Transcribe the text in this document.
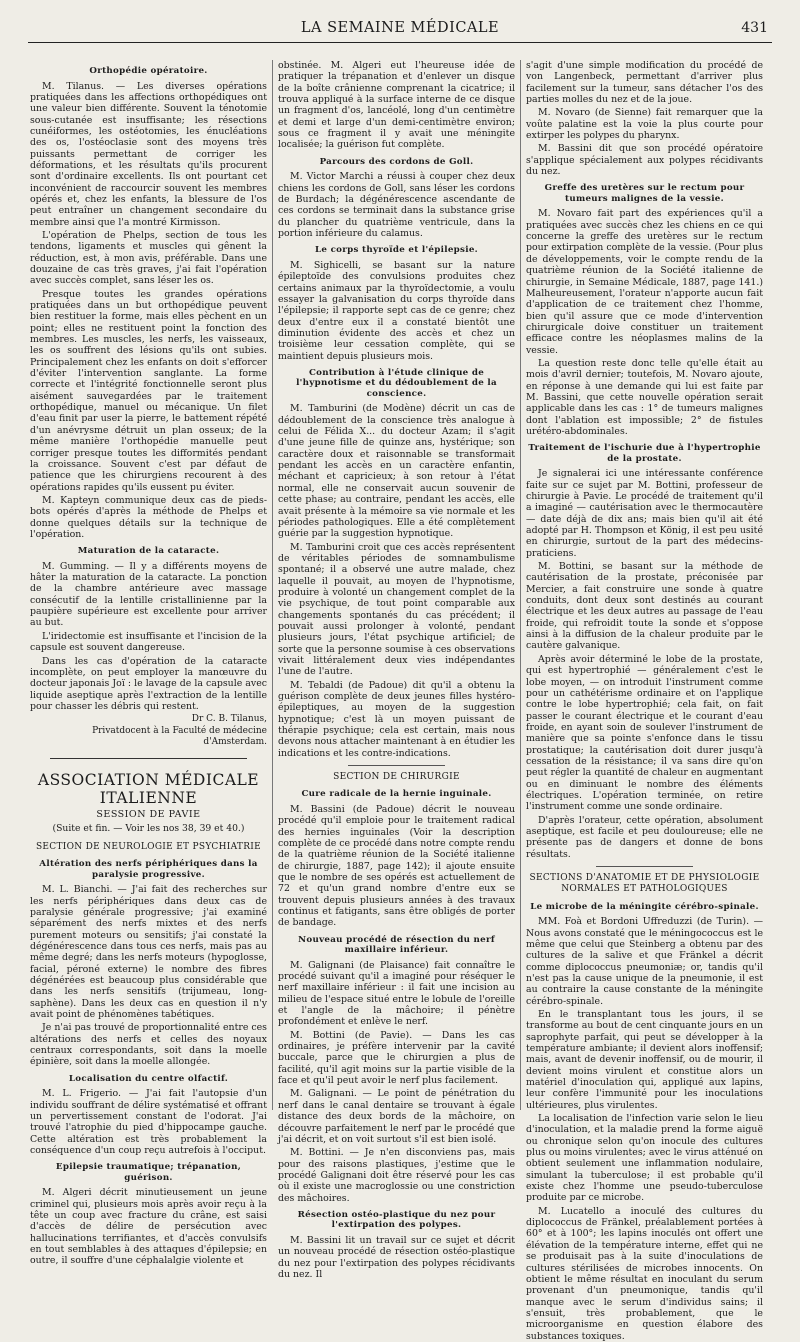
LA SEMAINE MÉDICALE	431
Orthopédie opératoire.

M. Tilanus. — Les diverses opérations pratiquées dans les affections orthopédiques ont une valeur bien différente. Souvent la ténotomie sous-cutanée est insuffisante; les résections cunéiformes, les ostéotomies, les énucléations des os, l'ostéoclasie sont des moyens très puissants permettant de corriger les déformations, et les résultats qu'ils procurent sont d'ordinaire excellents. Ils ont pourtant cet inconvénient de raccourcir souvent les membres opérés et, chez les enfants, la blessure de l'os peut entraîner un changement secondaire du membre ainsi que l'a montré Kirmisson.

L'opération de Phelps, section de tous les tendons, ligaments et muscles qui gênent la réduction, est, à mon avis, préférable. Dans une douzaine de cas très graves, j'ai fait l'opération avec succès complet, sans léser les os.

Presque toutes les grandes opérations pratiquées dans un but orthopédique peuvent bien restituer la forme, mais elles pèchent en un point; elles ne restituent point la fonction des membres. Les muscles, les nerfs, les vaisseaux, les os souffrent des lésions qu'ils ont subies. Principalement chez les enfants on doit s'efforcer d'éviter l'intervention sanglante. La forme correcte et l'intégrité fonctionnelle seront plus aisément sauvegardées par le traitement orthopédique, manuel ou mécanique. Un filet d'eau finit par user la pierre, le battement répété d'un anévrysme détruit un plan osseux; de la même manière l'orthopédie manuelle peut corriger presque toutes les difformités pendant la croissance. Souvent c'est par défaut de patience que les chirurgiens recourent à des opérations rapides qu'ils eussent pu éviter.

M. Kapteyn communique deux cas de pieds-bots opérés d'après la méthode de Phelps et donne quelques détails sur la technique de l'opération.

Maturation de la cataracte.

M. Gumming. — Il y a différents moyens de hâter la maturation de la cataracte. La ponction de la chambre antérieure avec massage consécutif de la lentille cristallinienne par la paupière supérieure est excellente pour arriver au but.

L'iridectomie est insuffisante et l'incision de la capsule est souvent dangereuse.

Dans les cas d'opération de la cataracte incomplète, on peut employer la manœuvre du docteur japonais Joï : le lavage de la capsule avec liquide aseptique après l'extraction de la lentille pour chasser les débris qui restent.

Dr C. B. Tilanus,
Privatdocent à la Faculté de médecine d'Amsterdam.
ASSOCIATION MÉDICALE ITALIENNE
SESSION DE PAVIE
(Suite et fin. — Voir les nos 38, 39 et 40.)
SECTION DE NEUROLOGIE ET PSYCHIATRIE
Altération des nerfs périphériques dans la paralysie progressive.

M. L. Bianchi. — J'ai fait des recherches sur les nerfs périphériques dans deux cas de paralysie générale progressive; j'ai examiné séparément des nerfs mixtes et des nerfs purement moteurs ou sensitifs; j'ai constaté la dégénérescence dans tous ces nerfs, mais pas au même degré; dans les nerfs moteurs (hypoglosse, facial, péroné externe) le nombre des fibres dégénérées est beaucoup plus considérable que dans les nerfs sensitifs (trijumeau, long-saphène). Dans les deux cas en question il n'y avait point de phénomènes tabétiques.

Je n'ai pas trouvé de proportionnalité entre ces altérations des nerfs et celles des noyaux centraux correspondants, soit dans la moelle épinière, soit dans la moelle allongée.

Localisation du centre olfactif.

M. L. Frigerio. — J'ai fait l'autopsie d'un individu souffrant de délire systématisé et offrant un pervertissement constant de l'odorat. J'ai trouvé l'atrophie du pied d'hippocampe gauche. Cette altération est très probablement la conséquence d'un coup reçu autrefois à l'occiput.

Epilepsie traumatique; trépanation, guérison.

M. Algeri décrit minutieusement un jeune criminel qui, plusieurs mois après avoir reçu à la tête un coup avec fracture du crâne, est saisi d'accès de délire de persécution avec hallucinations terrifiantes, et d'accès convulsifs en tout semblables à des attaques d'épilepsie; en outre, il souffre d'une céphalalgie violente et

obstinée. M. Algeri eut l'heureuse idée de pratiquer la trépanation et d'enlever un disque de la boîte crânienne comprenant la cicatrice; il trouva appliqué à la surface interne de ce disque un fragment d'os, lancéolé, long d'un centimètre et demi et large d'un demi-centimètre environ; sous ce fragment il y avait une méningite localisée; la guérison fut complète.

Parcours des cordons de Goll.

M. Victor Marchi a réussi à couper chez deux chiens les cordons de Goll, sans léser les cordons de Burdach; la dégénérescence ascendante de ces cordons se terminait dans la substance grise du plancher du quatrième ventricule, dans la portion inférieure du calamus.

Le corps thyroïde et l'épilepsie.

M. Sighicelli, se basant sur la nature épileptoïde des convulsions produites chez certains animaux par la thyroïdectomie, a voulu essayer la galvanisation du corps thyroïde dans l'épilepsie; il rapporte sept cas de ce genre; chez deux d'entre eux il a constaté bientôt une diminution évidente des accès et chez un troisième leur cessation complète, qui se maintient depuis plusieurs mois.

Contribution à l'étude clinique de l'hypnotisme et du dédoublement de la conscience.

M. Tamburini (de Modène) décrit un cas de dédoublement de la conscience très analogue à celui de Félida X... du docteur Azam; il s'agit d'une jeune fille de quinze ans, hystérique; son caractère doux et raisonnable se transformait pendant les accès en un caractère enfantin, méchant et capricieux; à son retour à l'état normal, elle ne conservait aucun souvenir de cette phase; au contraire, pendant les accès, elle avait présente à la mémoire sa vie normale et les périodes pathologiques. Elle a été complètement guérie par la suggestion hypnotique.

M. Tamburini croit que ces accès représentent de véritables périodes de somnambulisme spontané; il a observé une autre malade, chez laquelle il pouvait, au moyen de l'hypnotisme, produire à volonté un changement complet de la vie psychique, de tout point comparable aux changements spontanés du cas précédent; il pouvait aussi prolonger à volonté, pendant plusieurs jours, l'état psychique artificiel; de sorte que la personne soumise à ces observations vivait littéralement deux vies indépendantes l'une de l'autre.

M. Tebaldi (de Padoue) dit qu'il a obtenu la guérison complète de deux jeunes filles hystéro-épileptiques, au moyen de la suggestion hypnotique; c'est là un moyen puissant de thérapie psychique; cela est certain, mais nous devons nous attacher maintenant à en étudier les indications et les contre-indications.

SECTION DE CHIRURGIE
Cure radicale de la hernie inguinale.

M. Bassini (de Padoue) décrit le nouveau procédé qu'il emploie pour le traitement radical des hernies inguinales (Voir la description complète de ce procédé dans notre compte rendu de la quatrième réunion de la Société italienne de chirurgie, 1887, page 142); il ajoute ensuite que le nombre de ses opérés est actuellement de 72 et qu'un grand nombre d'entre eux se trouvent depuis plusieurs années à des travaux continus et fatigants, sans être obligés de porter de bandage.

Nouveau procédé de résection du nerf maxillaire inférieur.

M. Galignani (de Plaisance) fait connaître le procédé suivant qu'il a imaginé pour réséquer le nerf maxillaire inférieur : il fait une incision au milieu de l'espace situé entre le lobule de l'oreille et l'angle de la mâchoire; il pénètre profondément et enlève le nerf.

M. Bottini (de Pavie). — Dans les cas ordinaires, je préfère intervenir par la cavité buccale, parce que le chirurgien a plus de facilité, qu'il agit moins sur la partie visible de la face et qu'il peut avoir le nerf plus facilement.

M. Galignani. — Le point de pénétration du nerf dans le canal dentaire se trouvant à égale distance des deux bords de la mâchoire, on découvre parfaitement le nerf par le procédé que j'ai décrit, et on voit surtout s'il est bien isolé.

M. Bottini. — Je n'en disconviens pas, mais pour des raisons plastiques, j'estime que le procédé Galignani doit être réservé pour les cas où il existe une macroglossie ou une constriction des mâchoires.

Résection ostéo-plastique du nez pour l'extirpation des polypes.

M. Bassini lit un travail sur ce sujet et décrit un nouveau procédé de résection ostéo-plastique du nez pour l'extirpation des polypes récidivants du nez. Il

s'agit d'une simple modification du procédé de von Langenbeck, permettant d'arriver plus facilement sur la tumeur, sans détacher l'os des parties molles du nez et de la joue.

M. Novaro (de Sienne) fait remarquer que la voûte palatine est la voie la plus courte pour extirper les polypes du pharynx.

M. Bassini dit que son procédé opératoire s'applique spécialement aux polypes récidivants du nez.

Greffe des uretères sur le rectum pour tumeurs malignes de la vessie.

M. Novaro fait part des expériences qu'il a pratiquées avec succès chez les chiens en ce qui concerne la greffe des uretères sur le rectum pour extirpation complète de la vessie. (Pour plus de développements, voir le compte rendu de la quatrième réunion de la Société italienne de chirurgie, in Semaine Médicale, 1887, page 141.) Malheureusement, l'orateur n'apporte aucun fait d'application de ce traitement chez l'homme, bien qu'il assure que ce mode d'intervention chirurgicale doive constituer un traitement efficace contre les néoplasmes malins de la vessie.

La question reste donc telle qu'elle était au mois d'avril dernier; toutefois, M. Novaro ajoute, en réponse à une demande qui lui est faite par M. Bassini, que cette nouvelle opération serait applicable dans les cas : 1° de tumeurs malignes dont l'ablation est impossible; 2° de fistules urétéro-abdominales.

Traitement de l'ischurie due à l'hypertrophie de la prostate.

Je signalerai ici une intéressante conférence faite sur ce sujet par M. Bottini, professeur de chirurgie à Pavie. Le procédé de traitement qu'il a imaginé — cautérisation avec le thermocautère — date déjà de dix ans; mais bien qu'il ait été adopté par H. Thompson et König, il est peu usité en chirurgie, surtout de la part des médecins-praticiens.

M. Bottini, se basant sur la méthode de cautérisation de la prostate, préconisée par Mercier, a fait construire une sonde à quatre conduits, dont deux sont destinés au courant électrique et les deux autres au passage de l'eau froide, qui refroidit toute la sonde et s'oppose ainsi à la diffusion de la chaleur produite par le cautère galvanique.

Après avoir déterminé le lobe de la prostate, qui est hypertrophié — généralement c'est le lobe moyen, — on introduit l'instrument comme pour un cathétérisme ordinaire et on l'applique contre le lobe hypertrophié; cela fait, on fait passer le courant électrique et le courant d'eau froide, en ayant soin de soulever l'instrument de manière que sa pointe s'enfonce dans le tissu prostatique; la cautérisation doit durer jusqu'à cessation de la résistance; il va sans dire qu'on peut régler la quantité de chaleur en augmentant ou en diminuant le nombre des éléments électriques. L'opération terminée, on retire l'instrument comme une sonde ordinaire.

D'après l'orateur, cette opération, absolument aseptique, est facile et peu douloureuse; elle ne présente pas de dangers et donne de bons résultats.

SECTIONS D'ANATOMIE ET DE PHYSIOLOGIE NORMALES ET PATHOLOGIQUES
Le microbe de la méningite cérébro-spinale.

MM. Foà et Bordoni Uffreduzzi (de Turin). — Nous avons constaté que le méningococcus est le même que celui que Steinberg a obtenu par des cultures de la salive et que Fränkel a décrit comme diplococcus pneumoniæ; or, tandis qu'il n'est pas la cause unique de la pneumonie, il est au contraire la cause constante de la méningite cérébro-spinale.

En le transplantant tous les jours, il se transforme au bout de cent cinquante jours en un saprophyte parfait, qui peut se développer à la température ambiante; il devient alors inoffensif; mais, avant de devenir inoffensif, ou de mourir, il devient moins virulent et constitue alors un matériel d'inoculation qui, appliqué aux lapins, leur confère l'immunité pour les inoculations ultérieures, plus virulentes.

La localisation de l'infection varie selon le lieu d'inoculation, et la maladie prend la forme aiguë ou chronique selon qu'on inocule des cultures plus ou moins virulentes; avec le virus atténué on obtient seulement une inflammation nodulaire, simulant la tuberculose; il est probable qu'il existe chez l'homme une pseudo-tuberculose produite par ce microbe.

M. Lucatello a inoculé des cultures du diplococcus de Fränkel, préalablement portées à 60° et à 100°; les lapins inoculés ont offert une élévation de la température interne, effet qui ne se produisait pas à la suite d'inoculations de cultures stérilisées de microbes innocents. On obtient le même résultat en inoculant du serum provenant d'un pneumonique, tandis qu'il manque avec le serum d'individus sains; il s'ensuit, très probablement, que le microorganisme en question élabore des substances toxiques.
